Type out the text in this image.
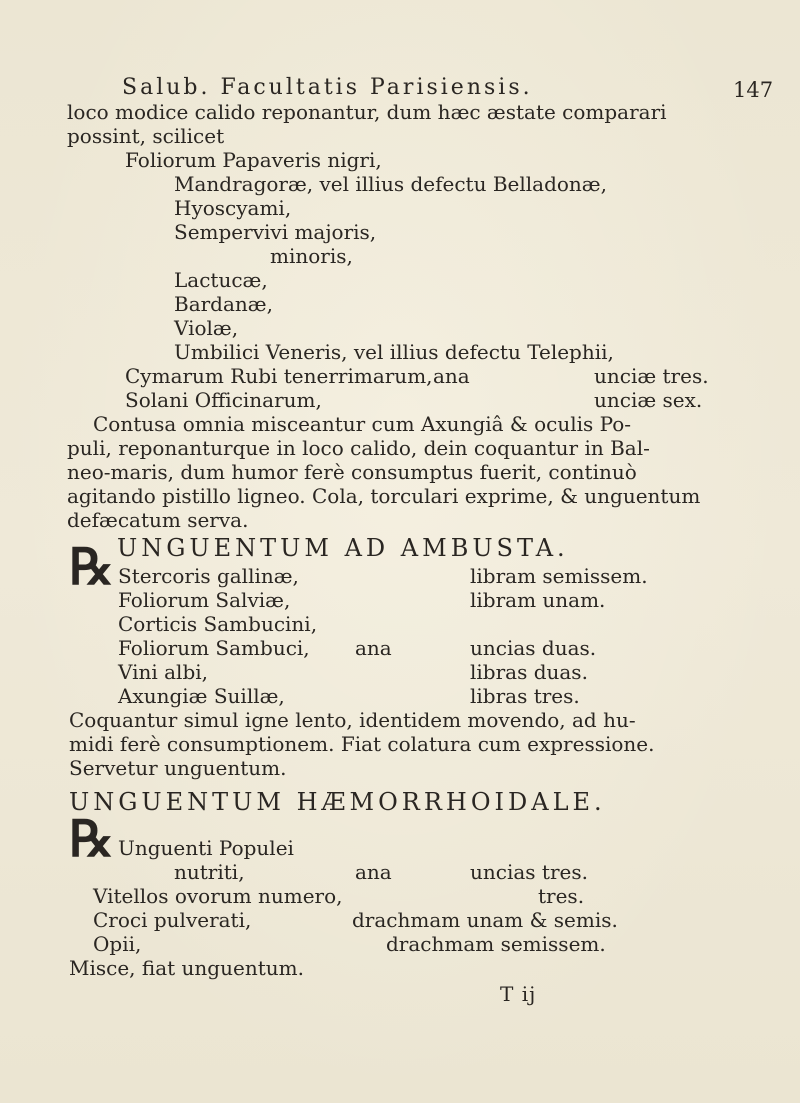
Salub. Facultatis Parisiensis.	147
loco modice calido reponantur, dum hæc æstate comparari
possint, scilicet
Foliorum Papaveris nigri,
Mandragoræ, vel illius defectu Belladonæ,
Hyoscyami,
Sempervivi majoris,
minoris,
Lactucæ,
Bardanæ,
Violæ,
Umbilici Veneris, vel illius defectu Telephii,
Cymarum Rubi tenerrimarum, ana	unciæ tres.
Solani Officinarum,	unciæ sex.
Contusa omnia misceantur cum Axungiâ & oculis Po-
puli, reponanturque in loco calido, dein coquantur in Bal-
neo-maris, dum humor ferè consumptus fuerit, continuò
agitando pistillo ligneo. Cola, torculari exprime, & unguentum
defæcatum serva.
UNGUENTUM AD AMBUSTA.
℞ Stercoris gallinæ,	libram semissem.
Foliorum Salviæ,	libram unam.
Corticis Sambucini,
Foliorum Sambuci, ana	uncias duas.
Vini albi,	libras duas.
Axungiæ Suillæ,	libras tres.
Coquantur simul igne lento, identidem movendo, ad hu-
midi ferè consumptionem. Fiat colatura cum expressione.
Servetur unguentum.
UNGUENTUM HÆMORRHOIDALE.
℞ Unguenti Populei
nutriti,	ana	uncias tres.
Vitellos ovorum numero,	tres.
Croci pulverati,	drachmam unam & semis.
Opii,	drachmam semissem.
Misce, fiat unguentum.
T ij
